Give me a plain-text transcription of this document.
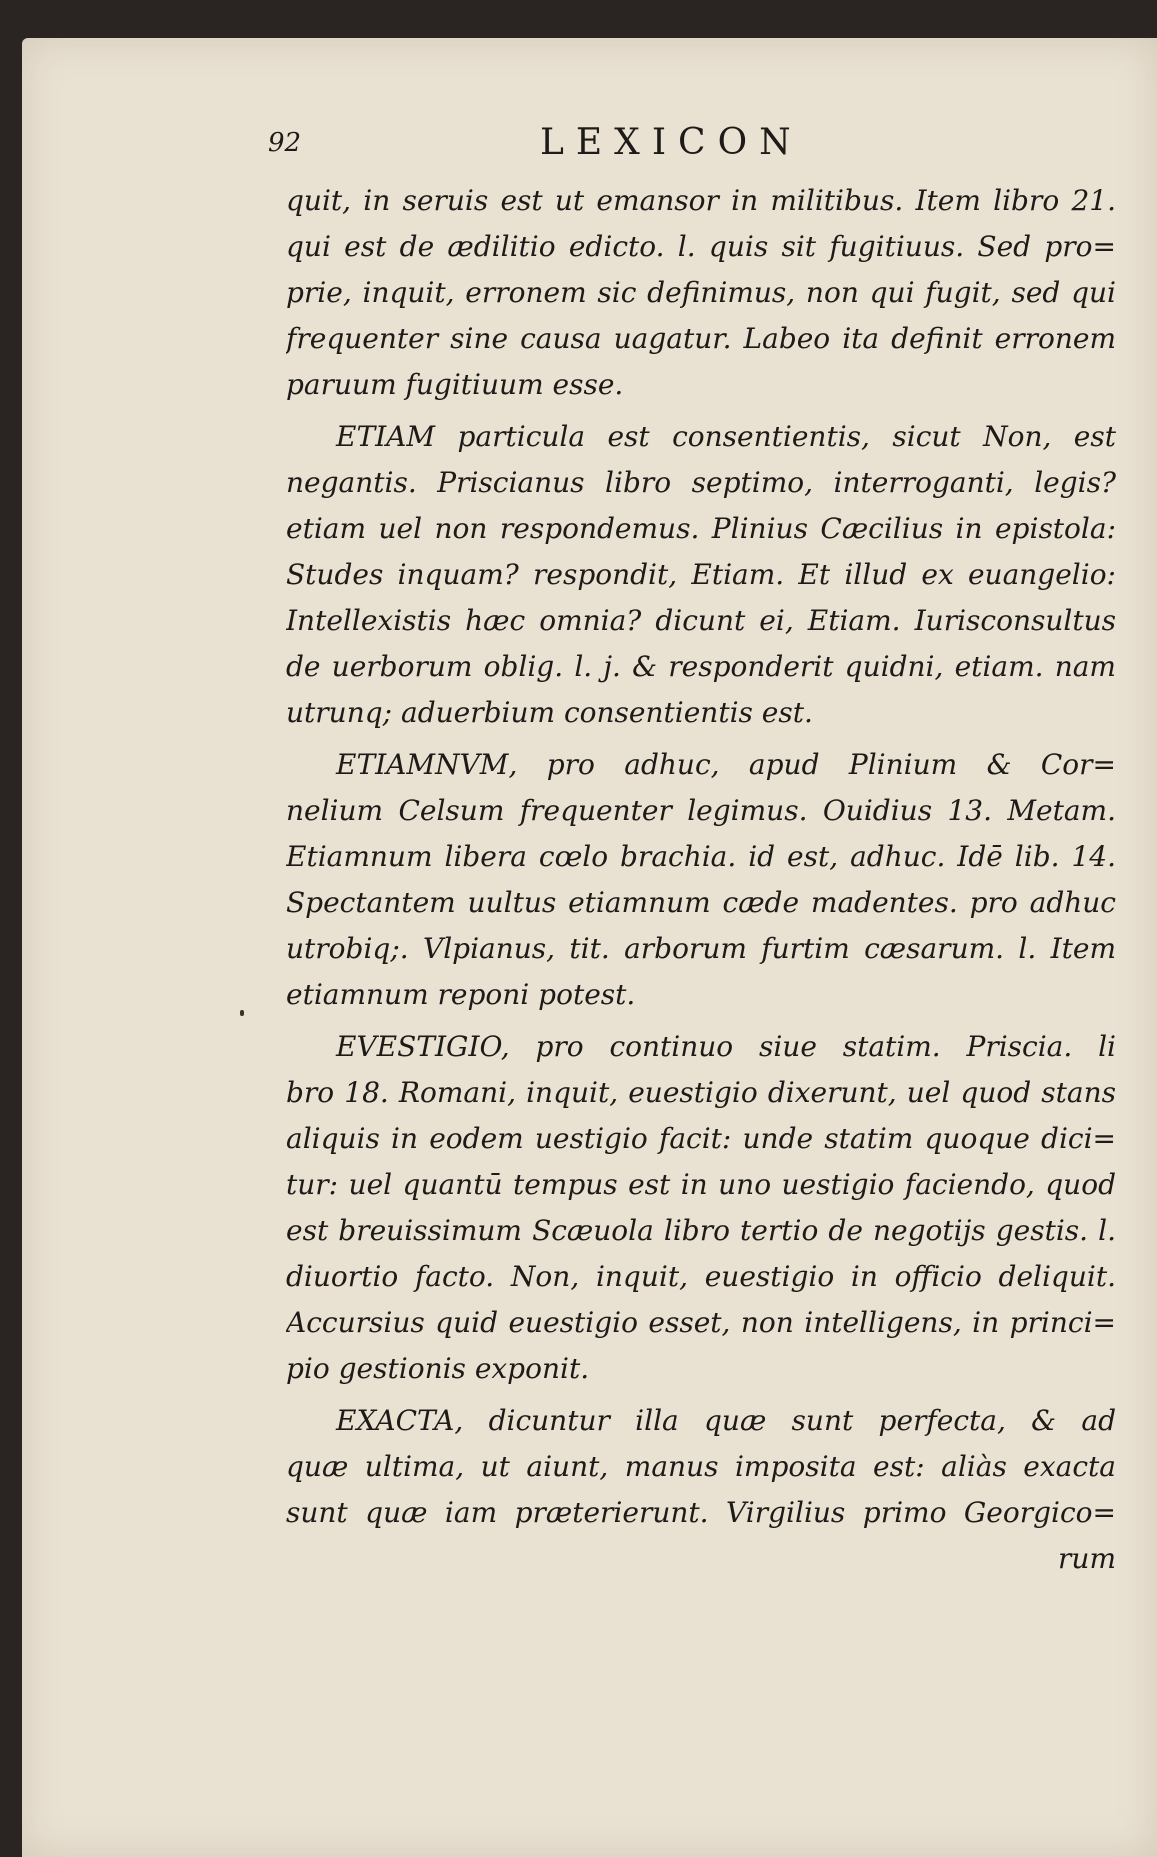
92	LEXICON
quit, in seruis est ut emansor in militibus. Item libro 21.
qui est de ædilitio edicto. l. quis sit fugitiuus. Sed pro=
prie, inquit, erronem sic definimus, non qui fugit, sed qui
frequenter sine causa uagatur. Labeo ita definit erronem
paruum fugitiuum esse.
ETIAM particula est consentientis, sicut Non, est
negantis. Priscianus libro septimo, interroganti, legis?
etiam uel non respondemus. Plinius Cæcilius in epistola:
Studes inquam? respondit, Etiam. Et illud ex euangelio:
Intellexistis hæc omnia? dicunt ei, Etiam. Iurisconsultus
de uerborum oblig. l. j. & responderit quidni, etiam. nam
utrunq; aduerbium consentientis est.
ETIAMNVM, pro adhuc, apud Plinium & Cor=
nelium Celsum frequenter legimus. Ouidius 13. Metam.
Etiamnum libera cœlo brachia. id est, adhuc. Idē lib. 14.
Spectantem uultus etiamnum cæde madentes. pro adhuc
utrobiq;. Vlpianus, tit. arborum furtim cæsarum. l. Item
etiamnum reponi potest.
EVESTIGIO, pro continuo siue statim. Priscia. li
bro 18. Romani, inquit, euestigio dixerunt, uel quod stans
aliquis in eodem uestigio facit: unde statim quoque dici=
tur: uel quantū tempus est in uno uestigio faciendo, quod
est breuissimum Scæuola libro tertio de negotijs gestis. l.
diuortio facto. Non, inquit, euestigio in officio deliquit.
Accursius quid euestigio esset, non intelligens, in princi=
pio gestionis exponit.
EXACTA, dicuntur illa quæ sunt perfecta, & ad
quæ ultima, ut aiunt, manus imposita est: aliàs exacta
sunt quæ iam præterierunt. Virgilius primo Georgico=
rum
